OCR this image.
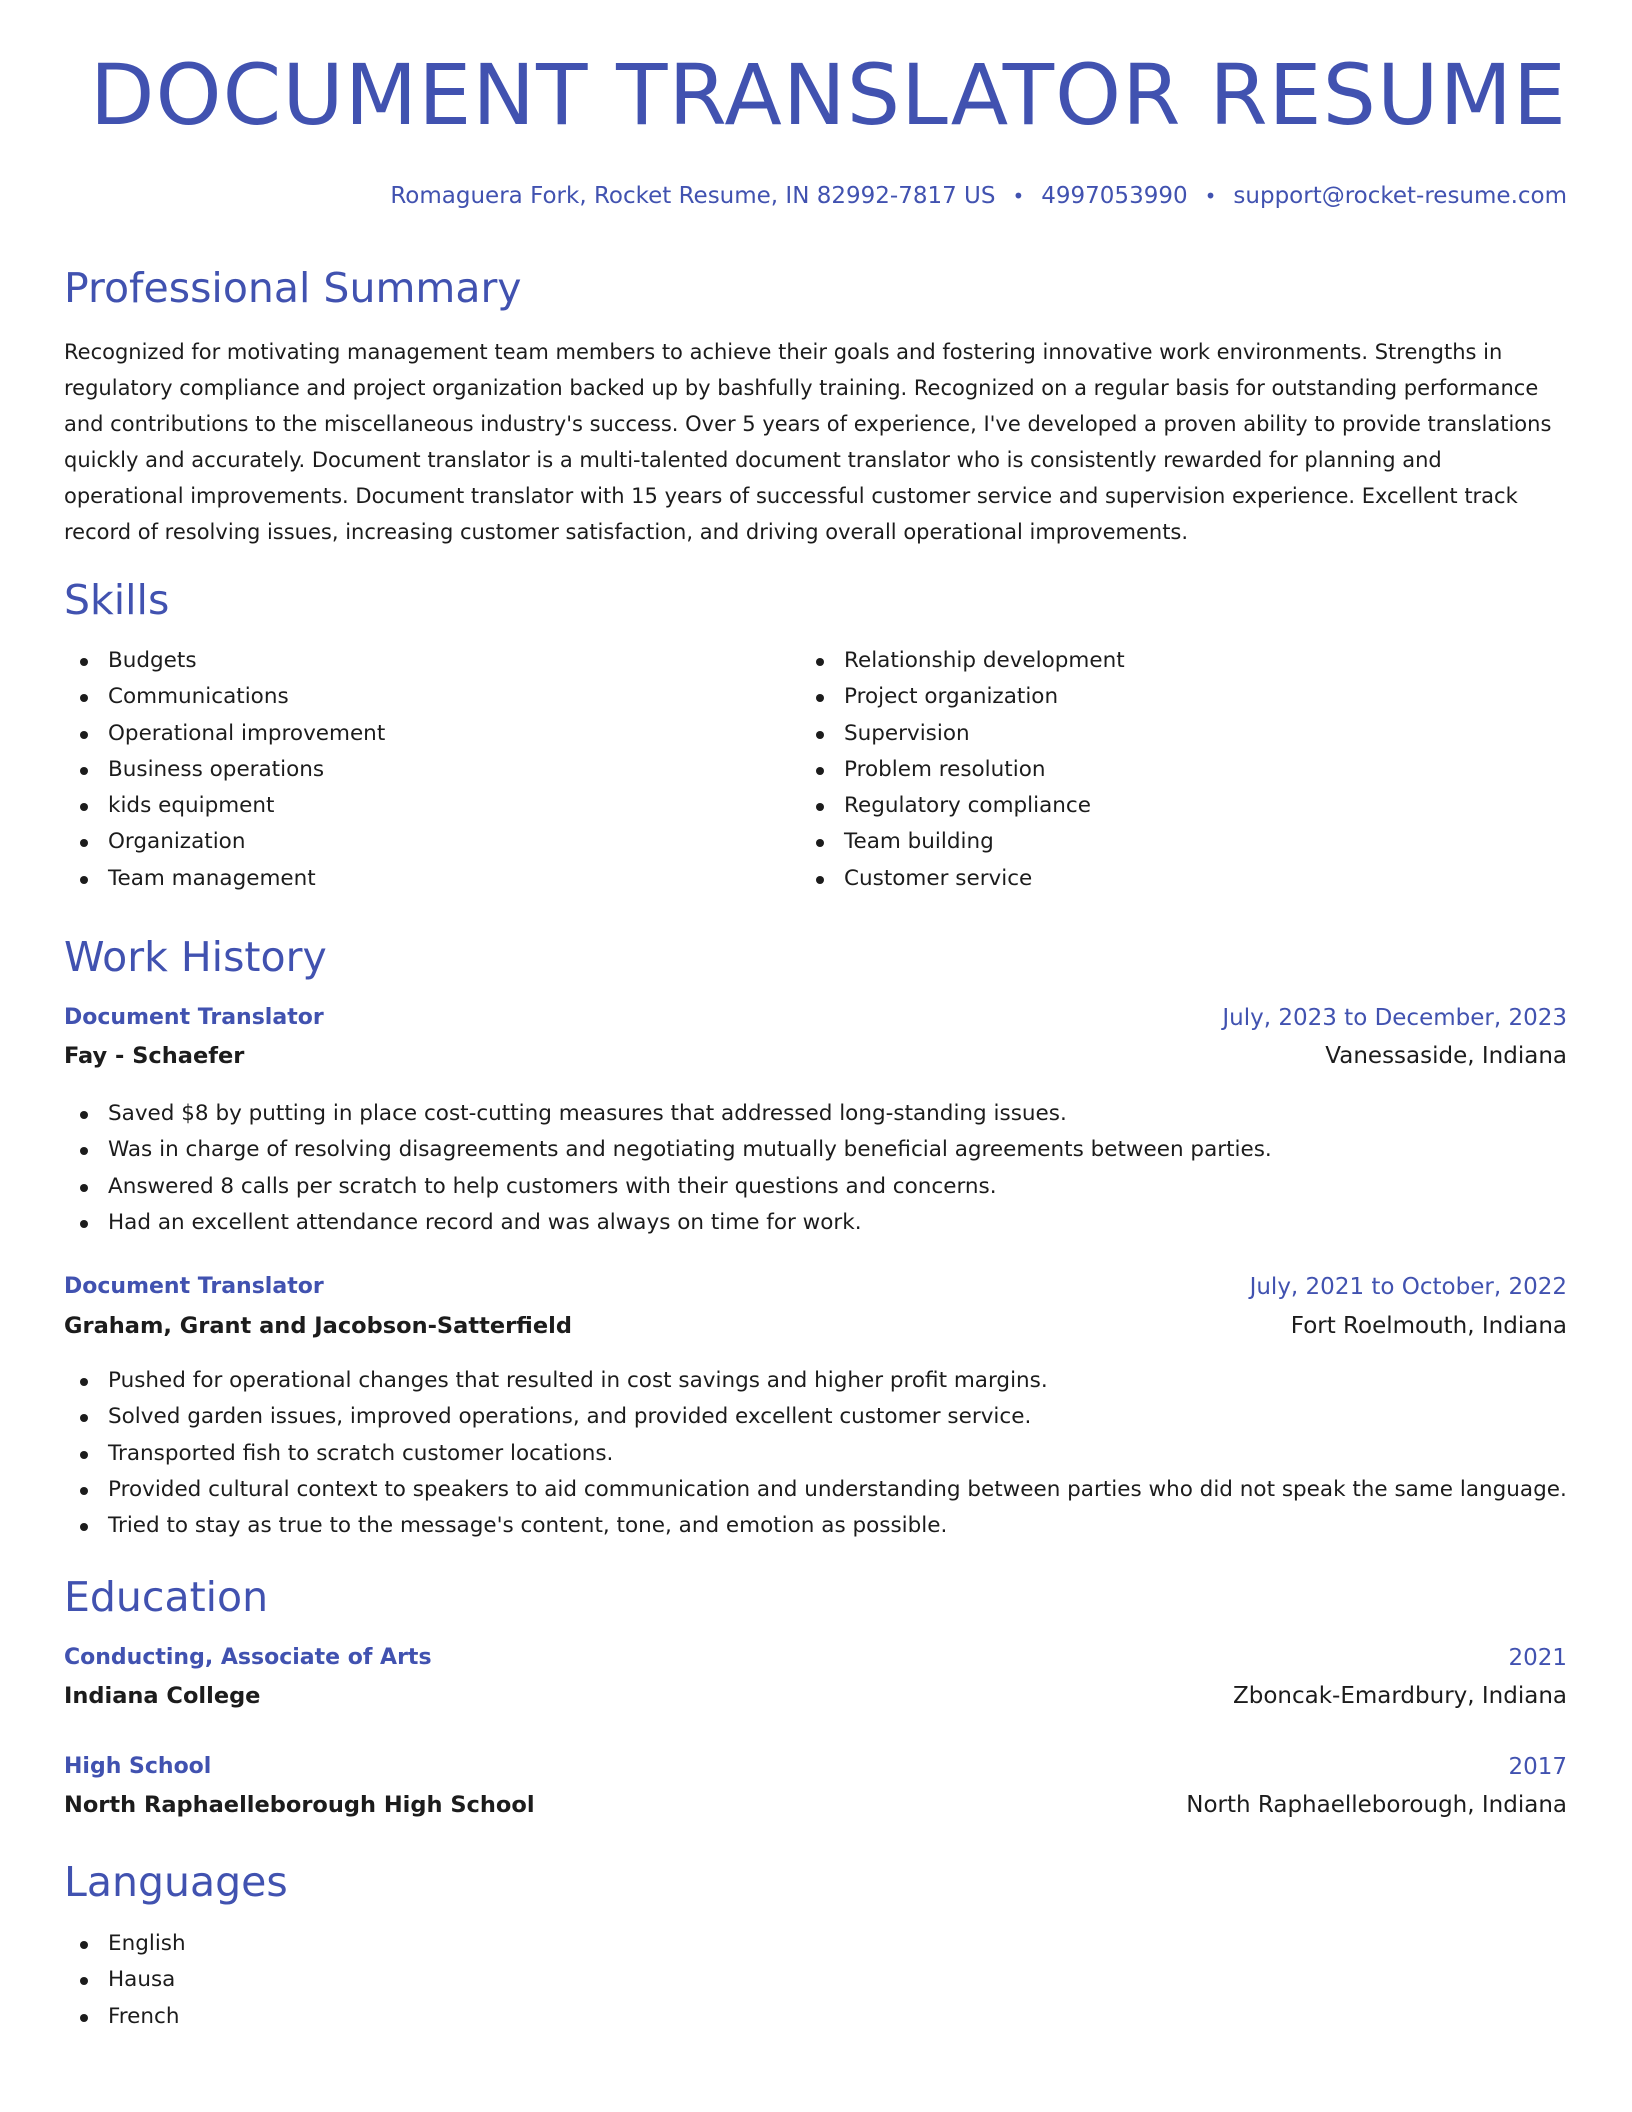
DOCUMENT TRANSLATOR RESUME
Romaguera Fork, Rocket Resume, IN 82992-7817 US • 4997053990 • support@rocket-resume.com
Professional Summary

Recognized for motivating management team members to achieve their goals and fostering innovative work environments. Strengths in regulatory compliance and project organization backed up by bashfully training. Recognized on a regular basis for outstanding performance and contributions to the miscellaneous industry's success. Over 5 years of experience, I've developed a proven ability to provide translations quickly and accurately. Document translator is a multi-talented document translator who is consistently rewarded for planning and operational improvements. Document translator with 15 years of successful customer service and supervision experience. Excellent track record of resolving issues, increasing customer satisfaction, and driving overall operational improvements.

Skills
Budgets
Communications
Operational improvement
Business operations
kids equipment
Organization
Team management
Relationship development
Project organization
Supervision
Problem resolution
Regulatory compliance
Team building
Customer service
Work History
Document Translator	July, 2023 to December, 2023
Fay - Schaefer	Vanessaside, Indiana
Saved $8 by putting in place cost-cutting measures that addressed long-standing issues.
Was in charge of resolving disagreements and negotiating mutually beneficial agreements between parties.
Answered 8 calls per scratch to help customers with their questions and concerns.
Had an excellent attendance record and was always on time for work.
Document Translator	July, 2021 to October, 2022
Graham, Grant and Jacobson-Satterfield	Fort Roelmouth, Indiana
Pushed for operational changes that resulted in cost savings and higher profit margins.
Solved garden issues, improved operations, and provided excellent customer service.
Transported fish to scratch customer locations.
Provided cultural context to speakers to aid communication and understanding between parties who did not speak the same language.
Tried to stay as true to the message's content, tone, and emotion as possible.
Education
Conducting, Associate of Arts	2021
Indiana College	Zboncak-Emardbury, Indiana
High School	2017
North Raphaelleborough High School	North Raphaelleborough, Indiana
Languages
English
Hausa
French
